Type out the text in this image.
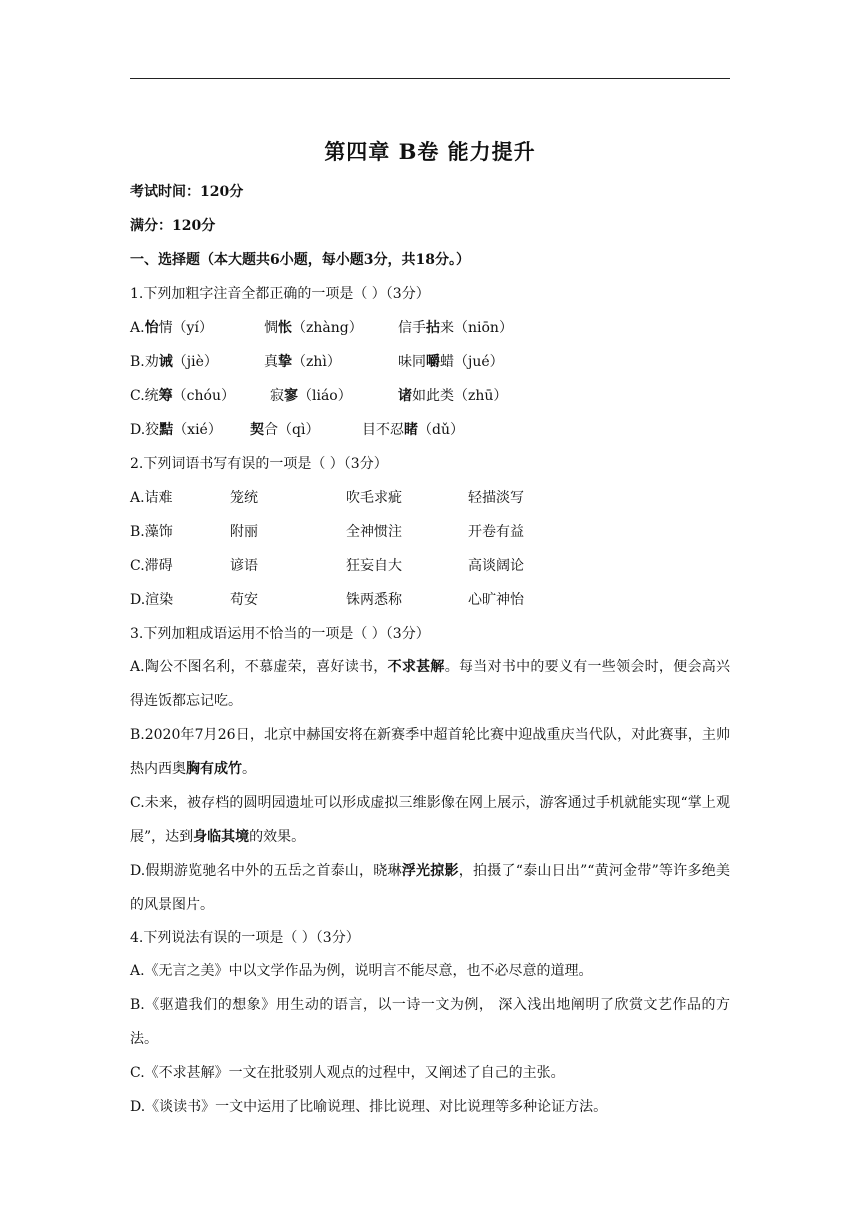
第四章 B卷 能力提升
考试时间：120分
满分：120分
一、选择题（本大题共6小题，每小题3分，共18分。）
1.下列加粗字注音全都正确的一项是（ ）（3分）
A.怡情（yí）	惆怅（zhàng）	信手拈来（niōn）
B.劝诫（jiè）	真挚（zhì）	味同嚼蜡（jué）
C.统筹（chóu）	寂寥（liáo）	诸如此类（zhū）
D.狡黠（xié）	契合（qì）	目不忍睹（dǔ）
2.下列词语书写有误的一项是（ ）（3分）
A.诘难	笼统	吹毛求疵	轻描淡写
B.藻饰	附丽	全神惯注	开卷有益
C.滞碍	谚语	狂妄自大	高谈阔论
D.渲染	苟安	铢两悉称	心旷神怡
3.下列加粗成语运用不恰当的一项是（ ）（3分）
A.陶公不图名利，不慕虚荣，喜好读书，不求甚解。每当对书中的要义有一些领会时，便会高兴得连饭都忘记吃。
B.2020年7月26日，北京中赫国安将在新赛季中超首轮比赛中迎战重庆当代队，对此赛事，主帅热内西奥胸有成竹。
C.未来，被存档的圆明园遗址可以形成虚拟三维影像在网上展示，游客通过手机就能实现“掌上观展”，达到身临其境的效果。
D.假期游览驰名中外的五岳之首泰山，晓琳浮光掠影，拍摄了“泰山日出”“黄河金带”等许多绝美的风景图片。
4.下列说法有误的一项是（ ）（3分）
A.《无言之美》中以文学作品为例，说明言不能尽意，也不必尽意的道理。
B.《驱遣我们的想象》用生动的语言，以一诗一文为例， 深入浅出地阐明了欣赏文艺作品的方法。
C.《不求甚解》一文在批驳别人观点的过程中，又阐述了自己的主张。
D.《谈读书》一文中运用了比喻说理、排比说理、对比说理等多种论证方法。
